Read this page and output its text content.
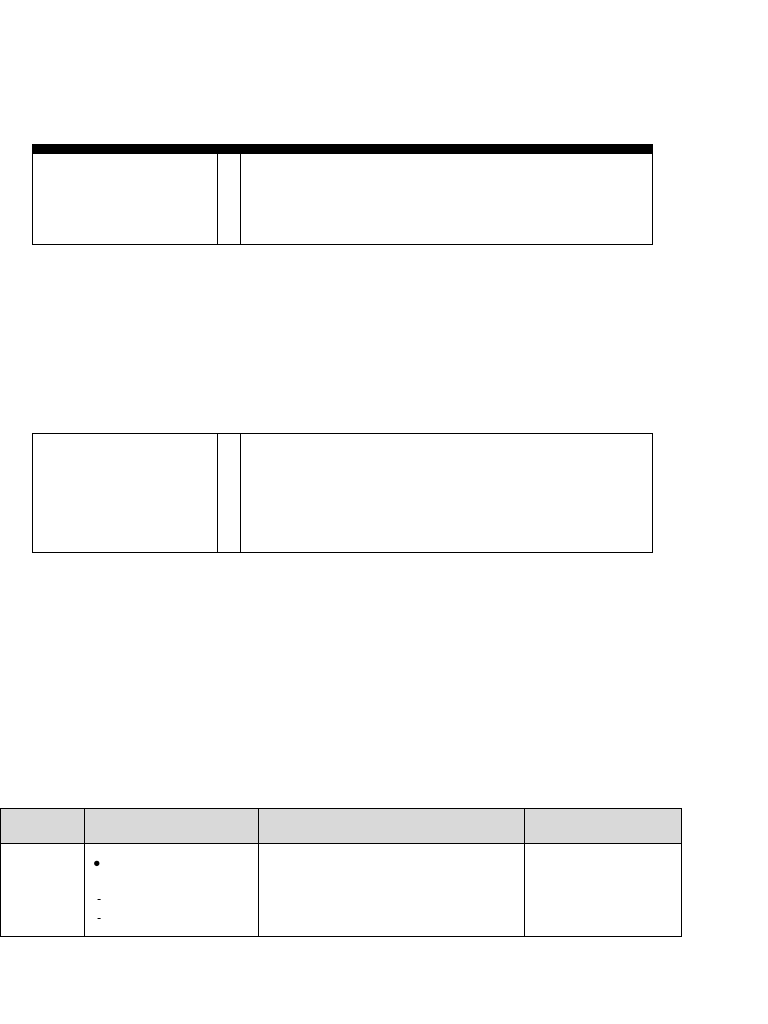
	●
-
-		
